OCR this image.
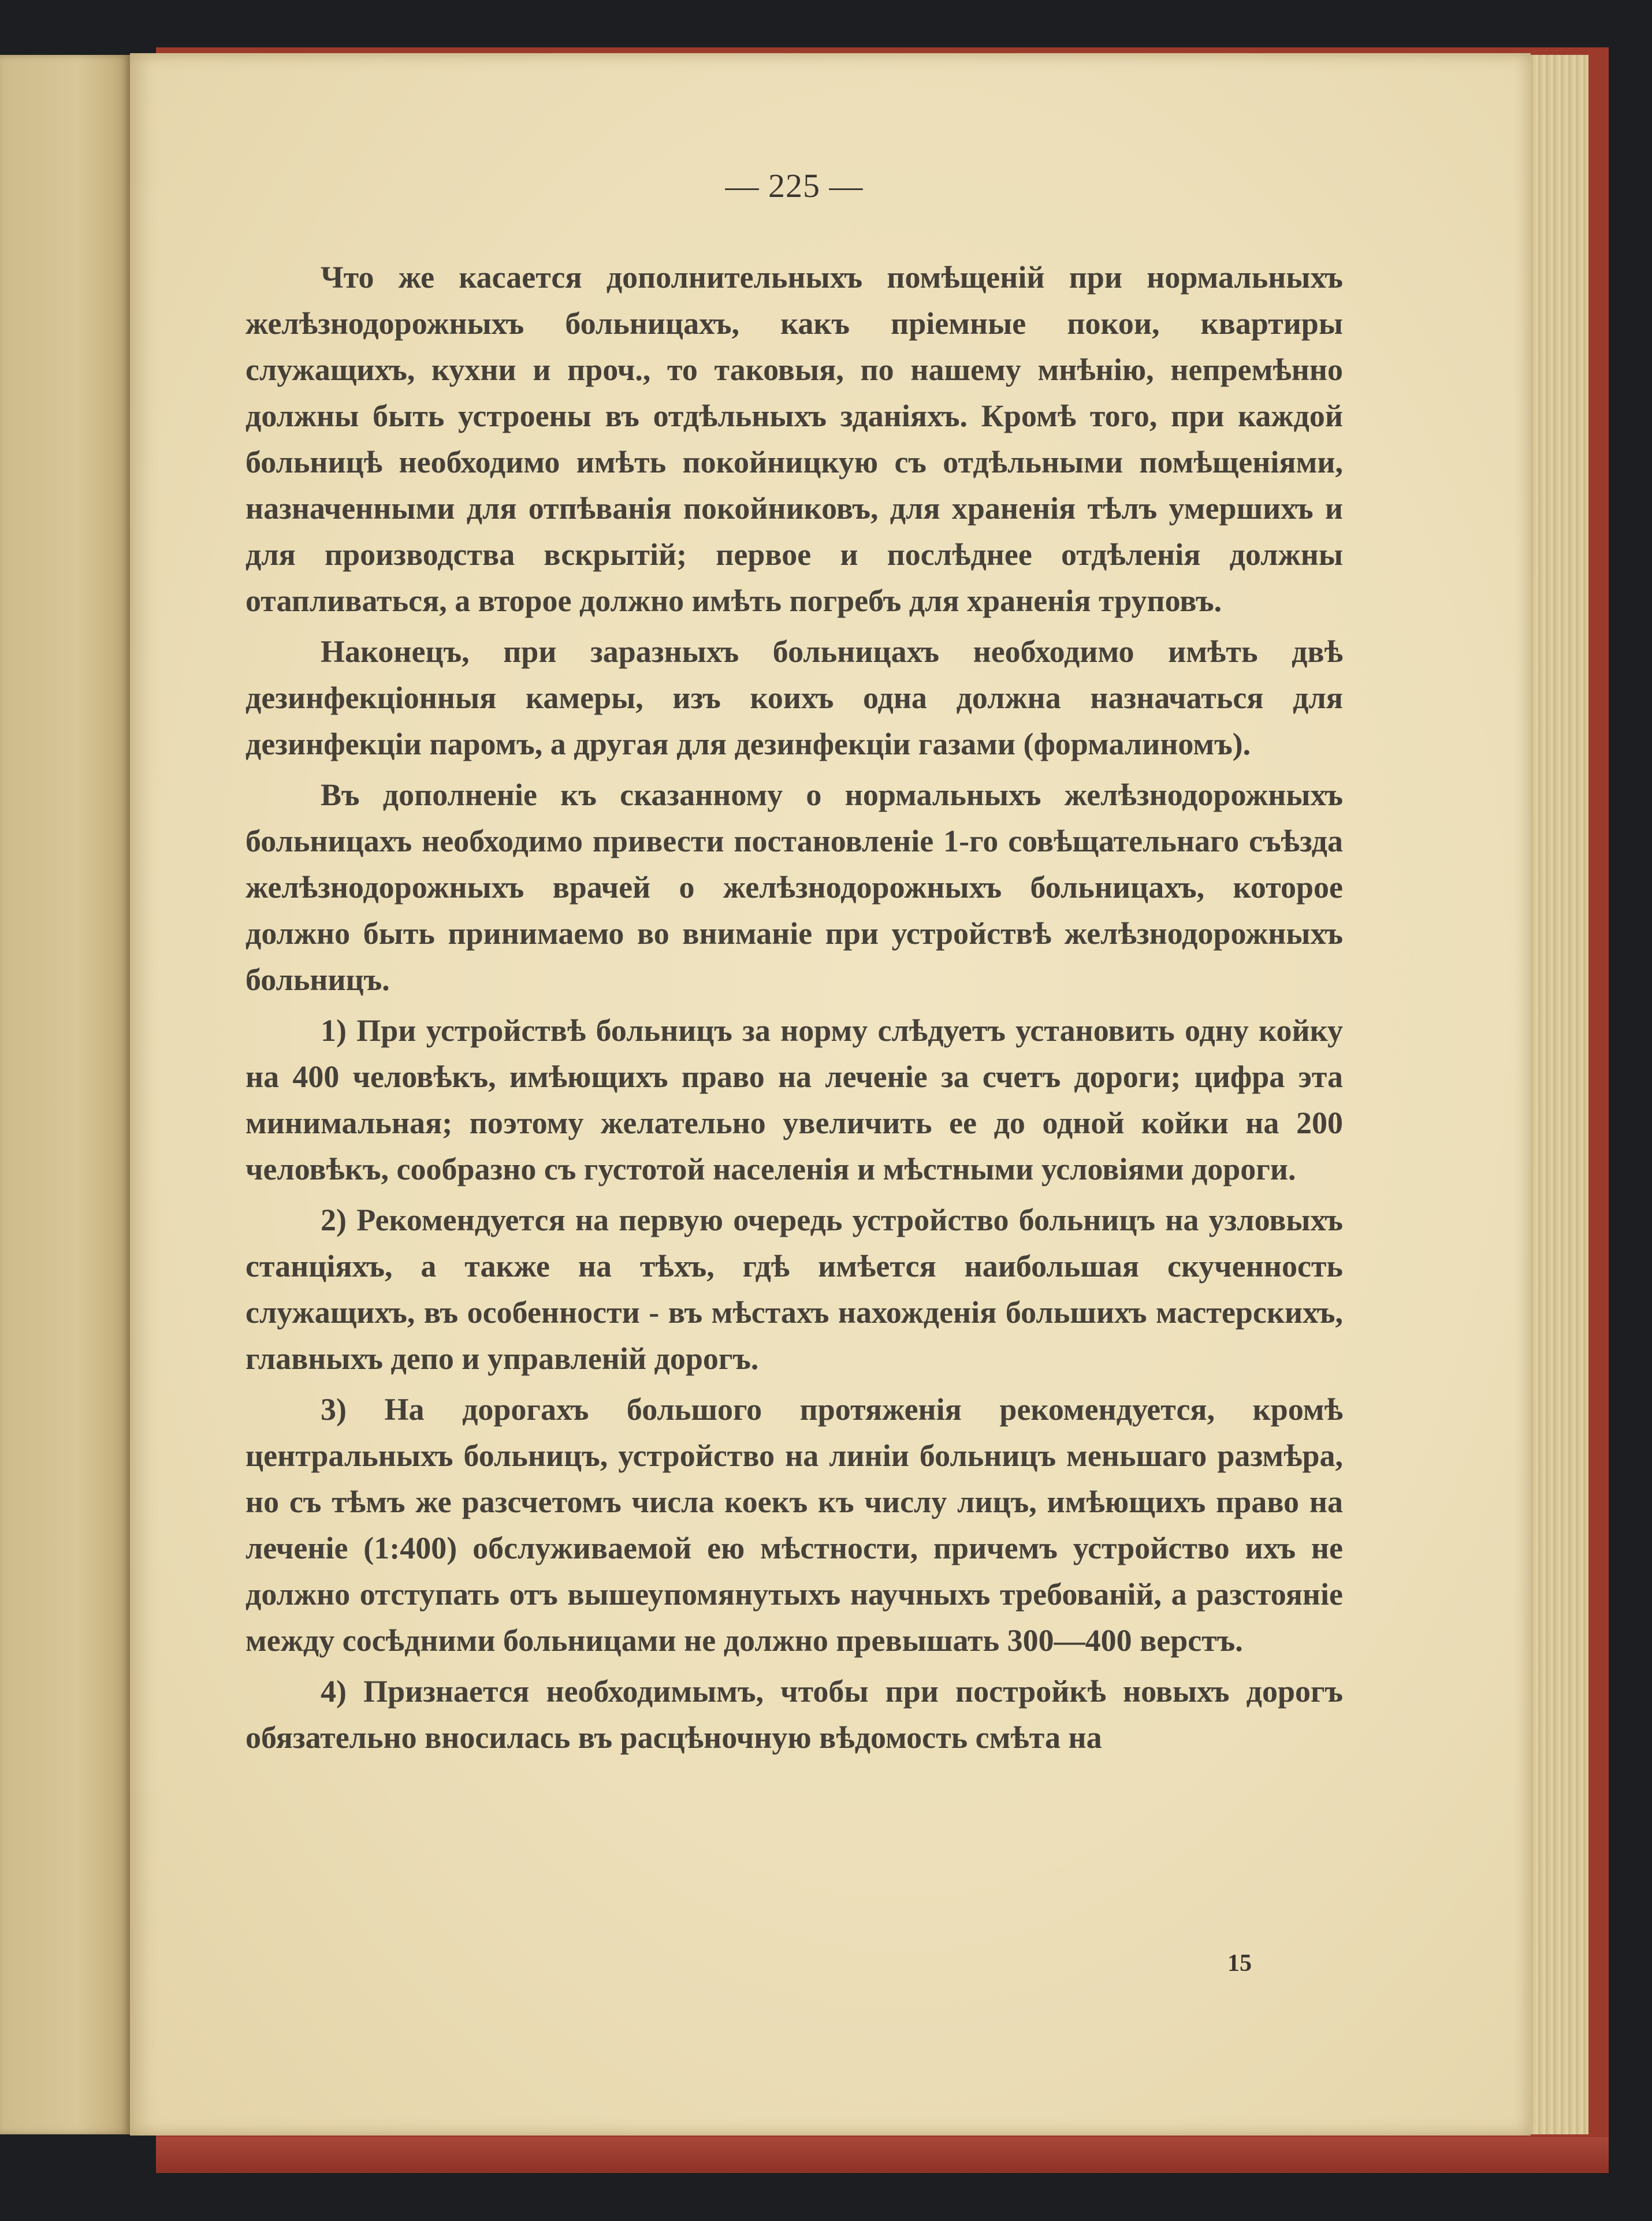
— 225 —

Что же касается дополнительныхъ помѣщеній при нормальныхъ желѣзнодорожныхъ больницахъ, какъ пріемные покои, квартиры служащихъ, кухни и проч., то таковыя, по нашему мнѣнію, непремѣнно должны быть устроены въ отдѣльныхъ зданіяхъ. Кромѣ того, при каждой больницѣ необходимо имѣть покойницкую съ отдѣльными помѣщеніями, назначенными для отпѣванія покойниковъ, для храненія тѣлъ умершихъ и для производства вскрытій; первое и послѣднее отдѣленія должны отапливаться, а второе должно имѣть погребъ для храненія труповъ.

Наконецъ, при заразныхъ больницахъ необходимо имѣть двѣ дезинфекціонныя камеры, изъ коихъ одна должна назначаться для дезинфекціи паромъ, а другая для дезинфекціи газами (формалиномъ).

Въ дополненіе къ сказанному о нормальныхъ желѣзнодорожныхъ больницахъ необходимо привести постановленіе 1-го совѣщательнаго съѣзда желѣзнодорожныхъ врачей о желѣзнодорожныхъ больницахъ, которое должно быть принимаемо во вниманіе при устройствѣ желѣзнодорожныхъ больницъ.

1) При устройствѣ больницъ за норму слѣдуетъ установить одну койку на 400 человѣкъ, имѣющихъ право на леченіе за счетъ дороги; цифра эта минимальная; поэтому желательно увеличить ее до одной койки на 200 человѣкъ, сообразно съ густотой населенія и мѣстными условіями дороги.

2) Рекомендуется на первую очередь устройство больницъ на узловыхъ станціяхъ, а также на тѣхъ, гдѣ имѣется наибольшая скученность служащихъ, въ особенности - въ мѣстахъ нахожденія большихъ мастерскихъ, главныхъ депо и управленій дорогъ.

3) На дорогахъ большого протяженія рекомендуется, кромѣ центральныхъ больницъ, устройство на линіи больницъ меньшаго размѣра, но съ тѣмъ же разсчетомъ числа коекъ къ числу лицъ, имѣющихъ право на леченіе (1:400) обслуживаемой ею мѣстности, причемъ устройство ихъ не должно отступать отъ вышеупомянутыхъ научныхъ требованій, а разстояніе между сосѣдними больницами не должно превышать 300—400 верстъ.

4) Признается необходимымъ, чтобы при постройкѣ новыхъ дорогъ обязательно вносилась въ расцѣночную вѣдомость смѣта на

15
